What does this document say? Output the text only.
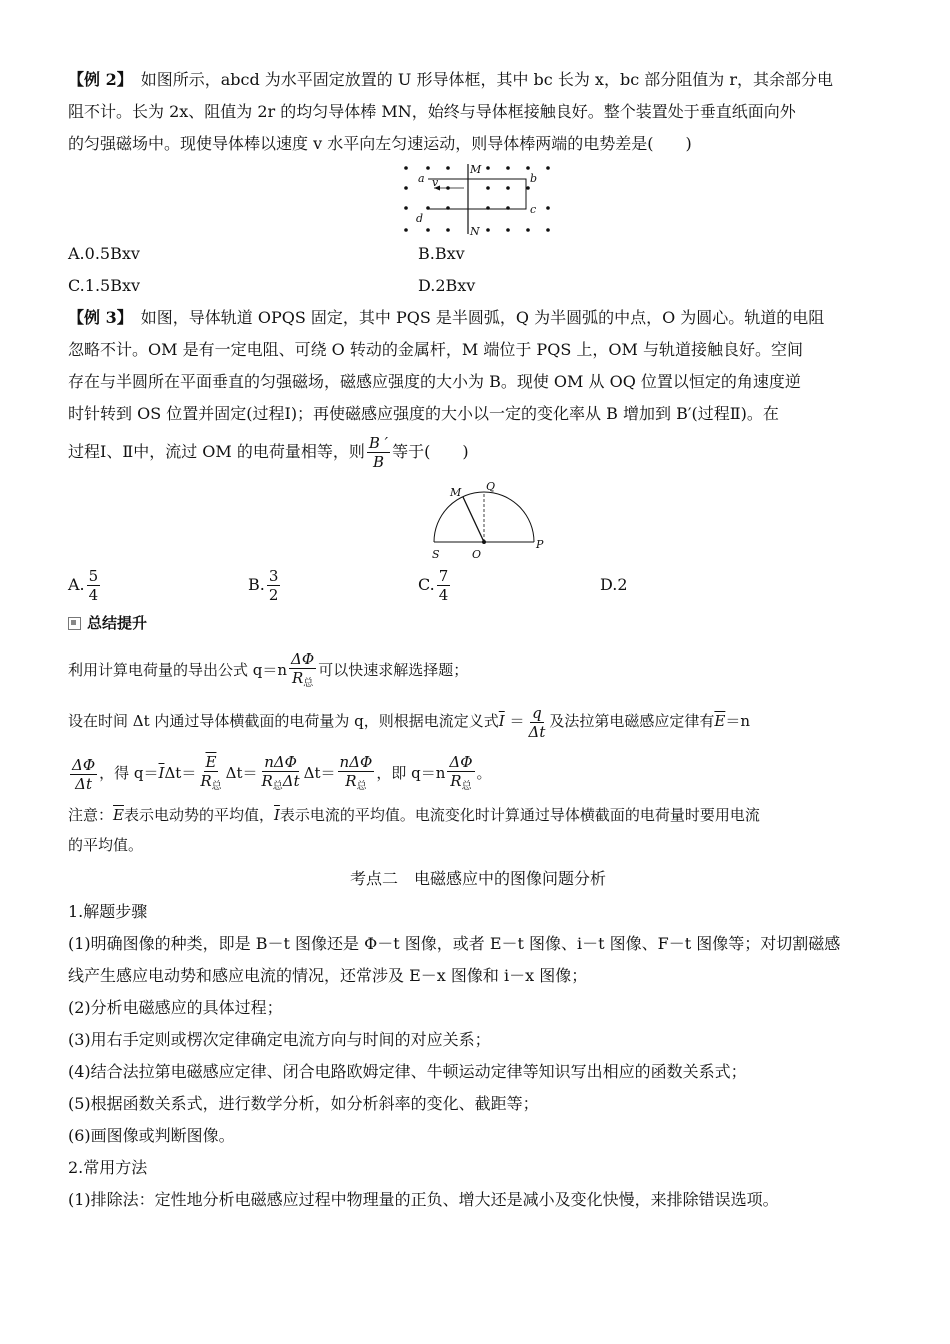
【例 2】　 如图所示，abcd 为水平固定放置的 U 形导体框，其中 bc 长为 x，bc 部分阻值为 r，其余部分电

阻不计。长为 2x、阻值为 2r 的均匀导体棒 MN，始终与导体框接触良好。整个装置处于垂直纸面向外

的匀强磁场中。现使导体棒以速度 v 水平向左匀速运动，则导体棒两端的电势差是(　　)

a	b
c
d
M
N
v
A.0.5Bxv	B.Bxv
C.1.5Bxv	D.2Bxv

【例 3】　 如图，导体轨道 OPQS 固定，其中 PQS 是半圆弧，Q 为半圆弧的中点，O 为圆心。轨道的电阻

忽略不计。OM 是有一定电阻、可绕 O 转动的金属杆，M 端位于 PQS 上，OM 与轨道接触良好。空间

存在与半圆所在平面垂直的匀强磁场，磁感应强度的大小为 B。现使 OM 从 OQ 位置以恒定的角速度逆

时针转到 OS 位置并固定(过程Ⅰ)；再使磁感应强度的大小以一定的变化率从 B 增加到 B′(过程Ⅱ)。在

过程Ⅰ、Ⅱ中，流过 OM 的电荷量相等，则 $\frac{B '}{B}$ 等于(　　)

M Q
S	O
P
A. $\frac{5}{4}$	B. $\frac{3}{2}$	C. $\frac{7}{4}$	D.2
总结提升

利用计算电荷量的导出公式 $q=n \frac{\Delta\Phi}{R_总}$ 可以快速求解选择题；

设在时间 Δt 内通过导体横截面的电荷量为 q，则根据电流定义式$\overline{I} = \frac{q}{\Delta t}$ 及法拉第电磁感应定律有$\overline{E}=n$

$\frac{\Delta\Phi}{\Delta t}$ ，得 $q=\overline{I}\Delta t= \frac{\overline{E}}{R_总} \Delta t= \frac{\text{nΔΦ}}{R_总\Delta t} \Delta t= \frac{\text{nΔΦ}}{R_总}$ ，即 $q=n \frac{\Delta\Phi}{R_总}$ 。

注意：$\overline{E}$表示电动势的平均值，$\overline{I}$表示电流的平均值。电流变化时计算通过导体横截面的电荷量时要用电流

的平均值。

考点二　电磁感应中的图像问题分析

1.解题步骤

(1)明确图像的种类，即是 B－t 图像还是 Φ－t 图像，或者 E－t 图像、i－t 图像、F－t 图像等；对切割磁感

线产生感应电动势和感应电流的情况，还常涉及 E－x 图像和 i－x 图像；

(2)分析电磁感应的具体过程；

(3)用右手定则或楞次定律确定电流方向与时间的对应关系；

(4)结合法拉第电磁感应定律、闭合电路欧姆定律、牛顿运动定律等知识写出相应的函数关系式；

(5)根据函数关系式，进行数学分析，如分析斜率的变化、截距等；

(6)画图像或判断图像。

2.常用方法

(1)排除法：定性地分析电磁感应过程中物理量的正负、增大还是减小及变化快慢，来排除错误选项。
